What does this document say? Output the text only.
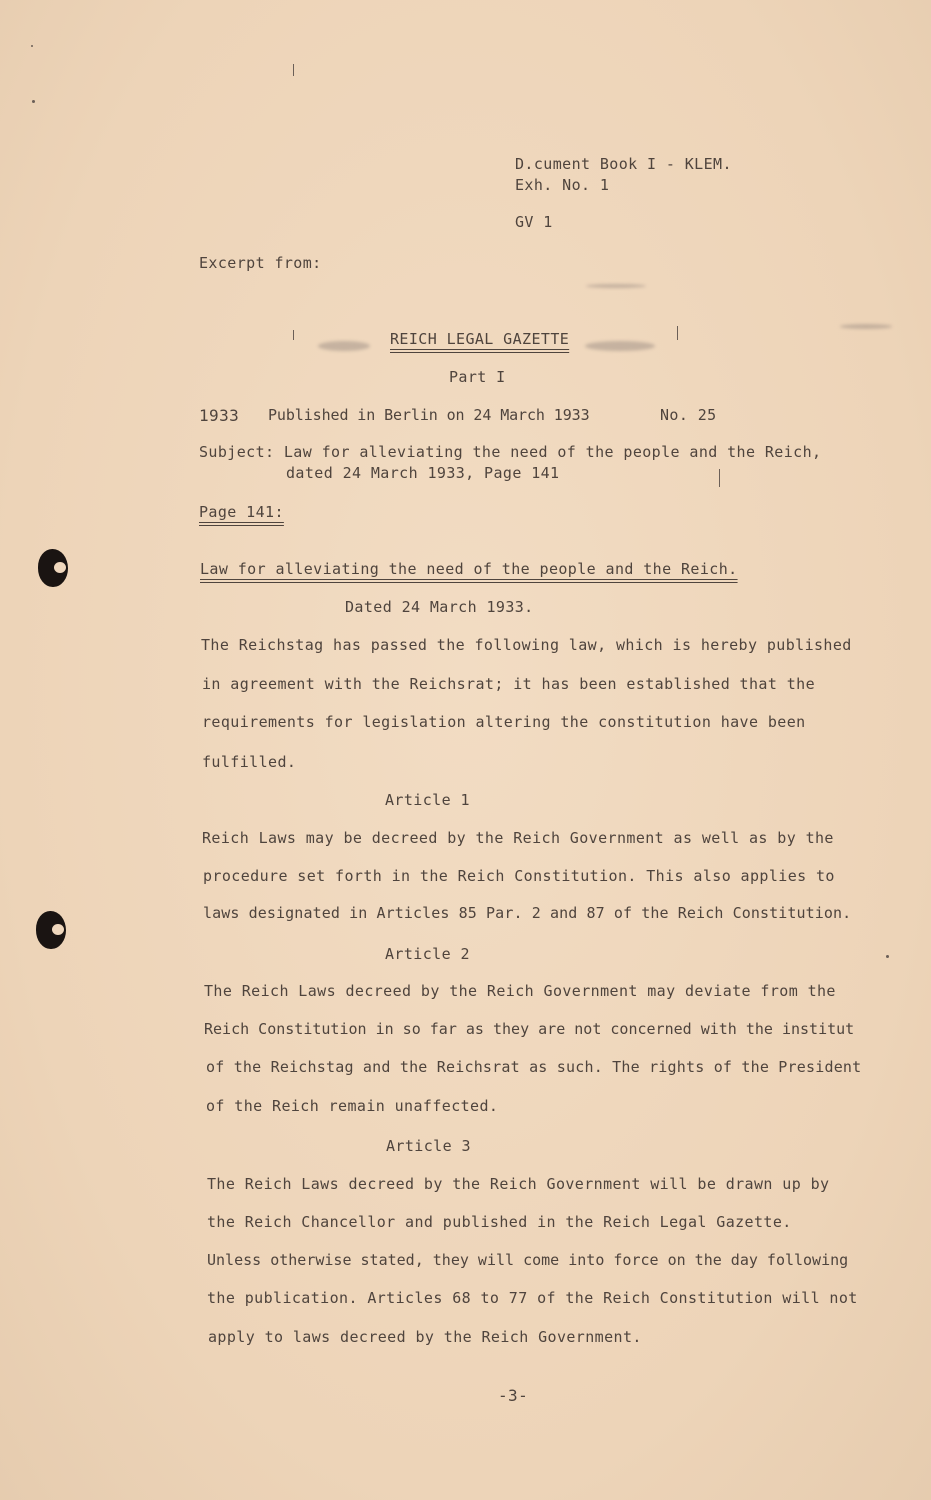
D.cument Book I - KLEM.
Exh. No. 1
GV 1
Excerpt from:
REICH LEGAL GAZETTE
Part I
1933 Published in Berlin on 24 March 1933	No. 25
Subject: Law for alleviating the need of the people and the Reich,
dated 24 March 1933, Page 141
Page 141:
Law for alleviating the need of the people and the Reich.
Dated 24 March 1933.
The Reichstag has passed the following law, which is hereby published
in agreement with the Reichsrat; it has been established that the
requirements for legislation altering the constitution have been
fulfilled.
Article 1
Reich Laws may be decreed by the Reich Government as well as by the
procedure set forth in the Reich Constitution. This also applies to
laws designated in Articles 85 Par. 2 and 87 of the Reich Constitution.
Article 2
The Reich Laws decreed by the Reich Government may deviate from the
Reich Constitution in so far as they are not concerned with the institut
of the Reichstag and the Reichsrat as such. The rights of the President
of the Reich remain unaffected.
Article 3
The Reich Laws decreed by the Reich Government will be drawn up by
the Reich Chancellor and published in the Reich Legal Gazette.
Unless otherwise stated, they will come into force on the day following
the publication. Articles 68 to 77 of the Reich Constitution will not
apply to laws decreed by the Reich Government.
-3-
